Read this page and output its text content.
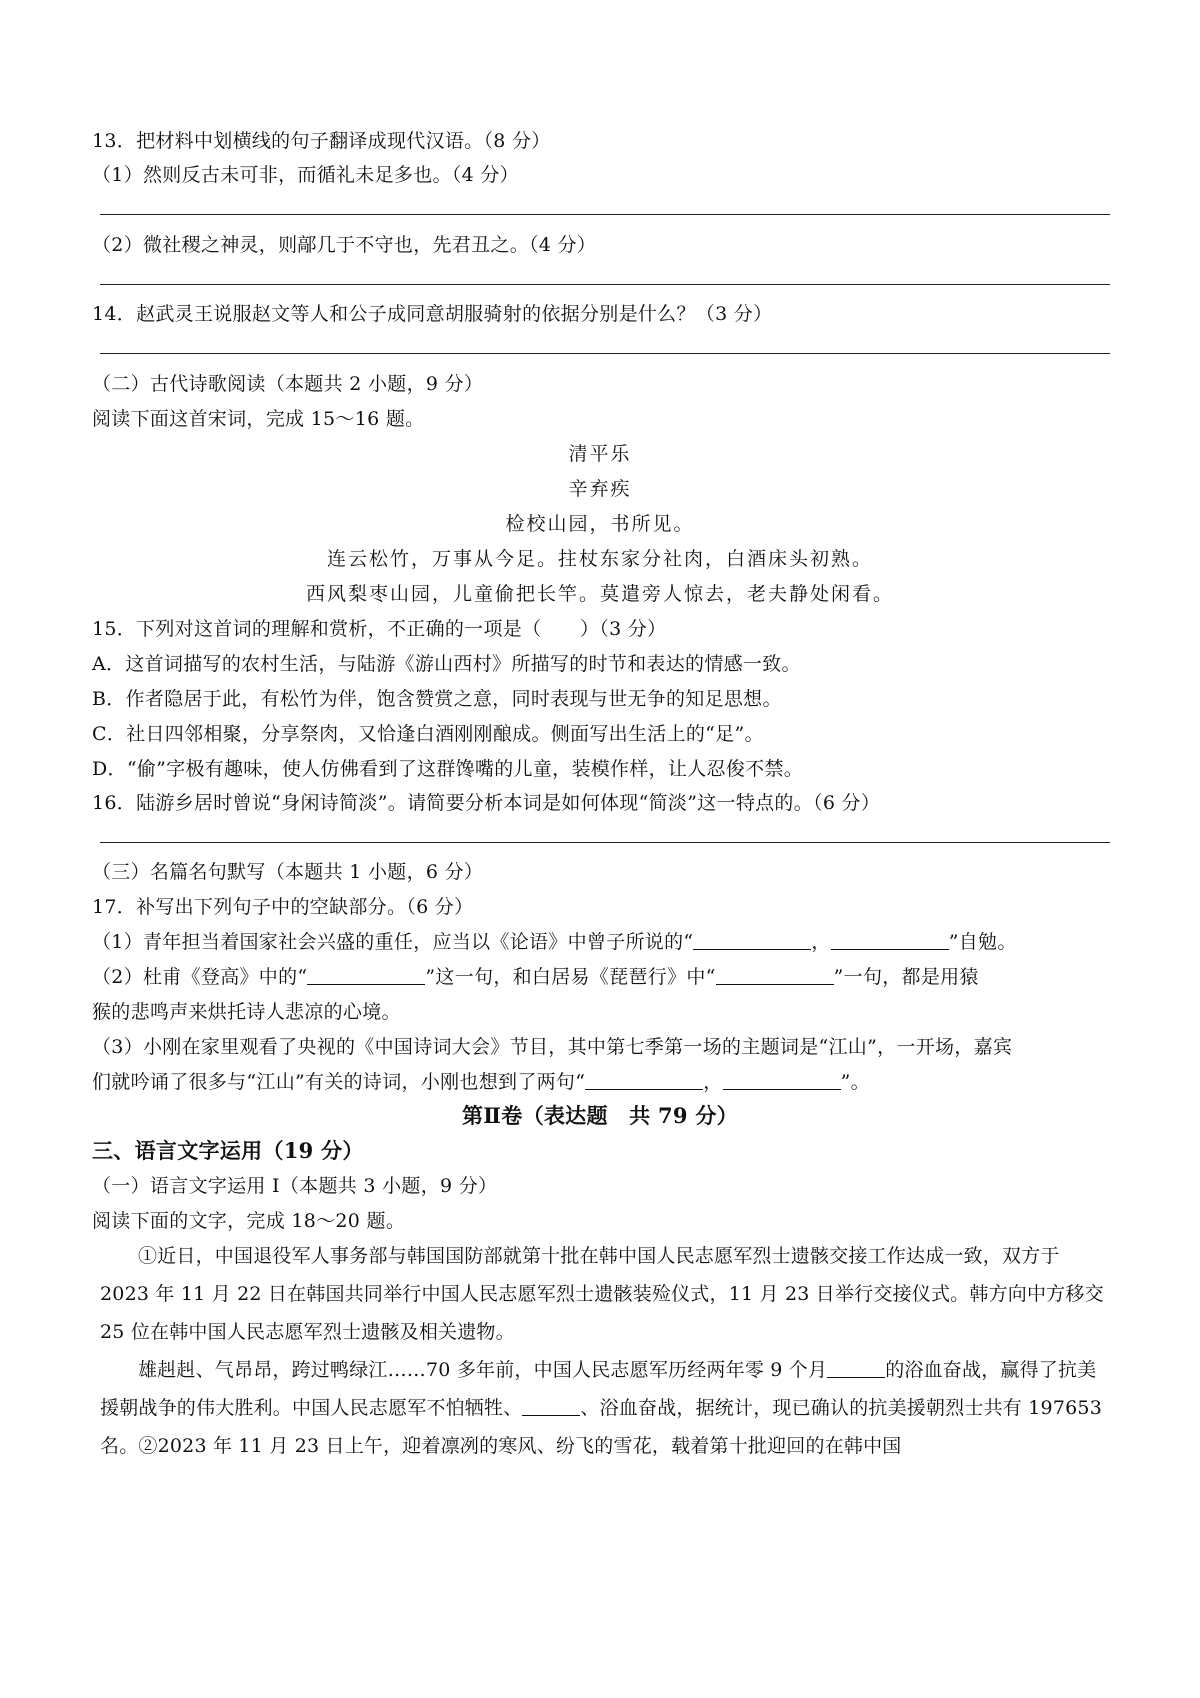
13．把材料中划横线的句子翻译成现代汉语。（8 分）
（1）然则反古未可非，而循礼未足多也。（4 分）
（2）微社稷之神灵，则鄗几于不守也，先君丑之。（4 分）
14．赵武灵王说服赵文等人和公子成同意胡服骑射的依据分别是什么？（3 分）
（二）古代诗歌阅读（本题共 2 小题，9 分）
阅读下面这首宋词，完成 15～16 题。
清平乐
辛弃疾
检校山园，书所见。
连云松竹，万事从今足。拄杖东家分社肉，白酒床头初熟。
西风梨枣山园，儿童偷把长竿。莫遣旁人惊去，老夫静处闲看。
15．下列对这首词的理解和赏析，不正确的一项是（　　）（3 分）
A．这首词描写的农村生活，与陆游《游山西村》所描写的时节和表达的情感一致。
B．作者隐居于此，有松竹为伴，饱含赞赏之意，同时表现与世无争的知足思想。
C．社日四邻相聚，分享祭肉，又恰逢白酒刚刚酿成。侧面写出生活上的“足”。
D．“偷”字极有趣味，使人仿佛看到了这群馋嘴的儿童，装模作样，让人忍俊不禁。
16．陆游乡居时曾说“身闲诗简淡”。请简要分析本词是如何体现“简淡”这一特点的。（6 分）
（三）名篇名句默写（本题共 1 小题，6 分）
17．补写出下列句子中的空缺部分。（6 分）
（1）青年担当着国家社会兴盛的重任，应当以《论语》中曾子所说的“	，	”自勉。
（2）杜甫《登高》中的“	”这一句，和白居易《琵琶行》中“	”一句，都是用猿
猴的悲鸣声来烘托诗人悲凉的心境。
（3）小刚在家里观看了央视的《中国诗词大会》节目，其中第七季第一场的主题词是“江山”，一开场，嘉宾
们就吟诵了很多与“江山”有关的诗词，小刚也想到了两句“	，	”。
第Ⅱ卷（表达题　共 79 分）
三、语言文字运用（19 分）
（一）语言文字运用 I（本题共 3 小题，9 分）
阅读下面的文字，完成 18～20 题。
①近日，中国退役军人事务部与韩国国防部就第十批在韩中国人民志愿军烈士遗骸交接工作达成一致，双方于 2023 年 11 月 22 日在韩国共同举行中国人民志愿军烈士遗骸装殓仪式，11 月 23 日举行交接仪式。韩方向中方移交 25 位在韩中国人民志愿军烈士遗骸及相关遗物。
雄赳赳、气昂昂，跨过鸭绿江……70 多年前，中国人民志愿军历经两年零 9 个月	的浴血奋战，赢得了抗美援朝战争的伟大胜利。中国人民志愿军不怕牺牲、	、浴血奋战，据统计，现已确认的抗美援朝烈士共有 197653 名。②2023 年 11 月 23 日上午，迎着凛冽的寒风、纷飞的雪花，载着第十批迎回的在韩中国
